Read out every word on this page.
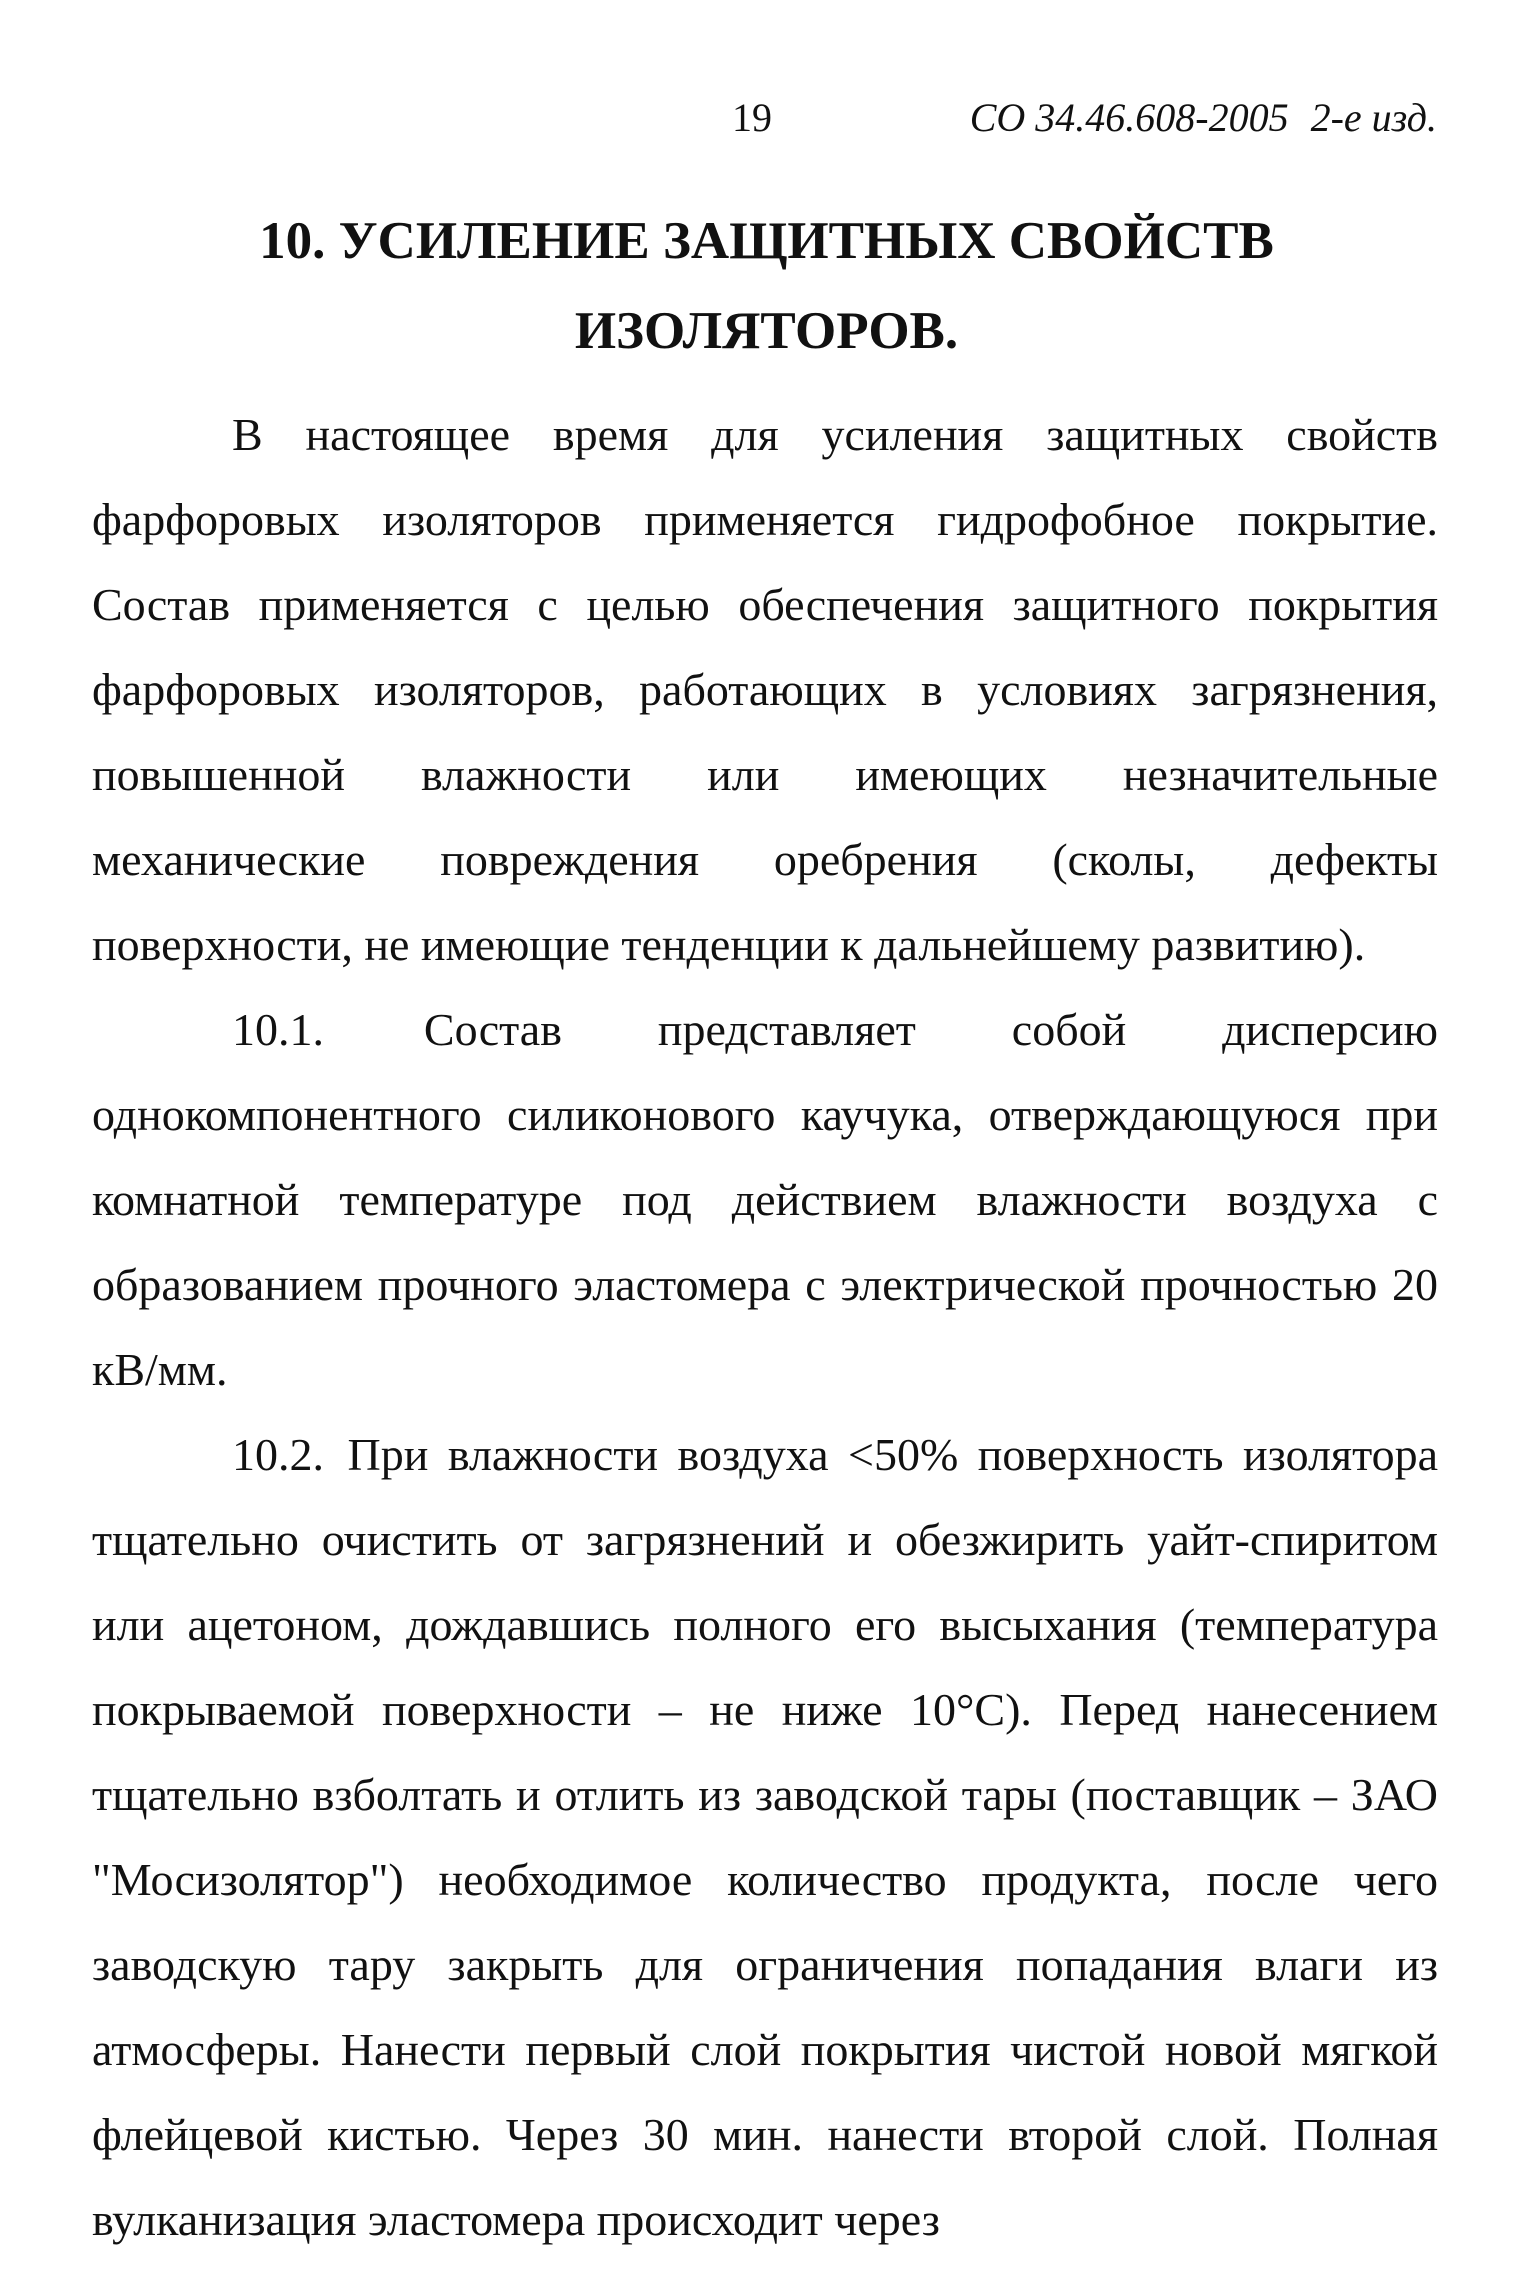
19	СО 34.46.608-2005 2-е изд.
10. УСИЛЕНИЕ ЗАЩИТНЫХ СВОЙСТВ
ИЗОЛЯТОРОВ.

В настоящее время для усиления защитных свойств фарфоровых изоляторов применяется гидрофобное покрытие. Состав применяется с целью обеспечения защитного покрытия фарфоровых изоляторов, работающих в условиях загрязнения, повышенной влажности или имеющих незначительные механические повреждения оребрения (сколы, дефекты поверхности, не имеющие тенденции к дальнейшему развитию).

10.1. Состав представляет собой дисперсию однокомпонентного силиконового каучука, отверждающуюся при комнатной температуре под действием влажности воздуха с образованием прочного эластомера с электрической прочностью 20 кВ/мм.

10.2. При влажности воздуха <50% поверхность изолятора тщательно очистить от загрязнений и обезжирить уайт-спиритом или ацетоном, дождавшись полного его высыхания (температура покрываемой поверхности – не ниже 10°С). Перед нанесением тщательно взболтать и отлить из заводской тары (поставщик – ЗАО "Мосизолятор") необходимое количество продукта, после чего заводскую тару закрыть для ограничения попадания влаги из атмосферы. Нанести первый слой покрытия чистой новой мягкой флейцевой кистью. Через 30 мин. нанести второй слой. Полная вулканизация эластомера происходит через
